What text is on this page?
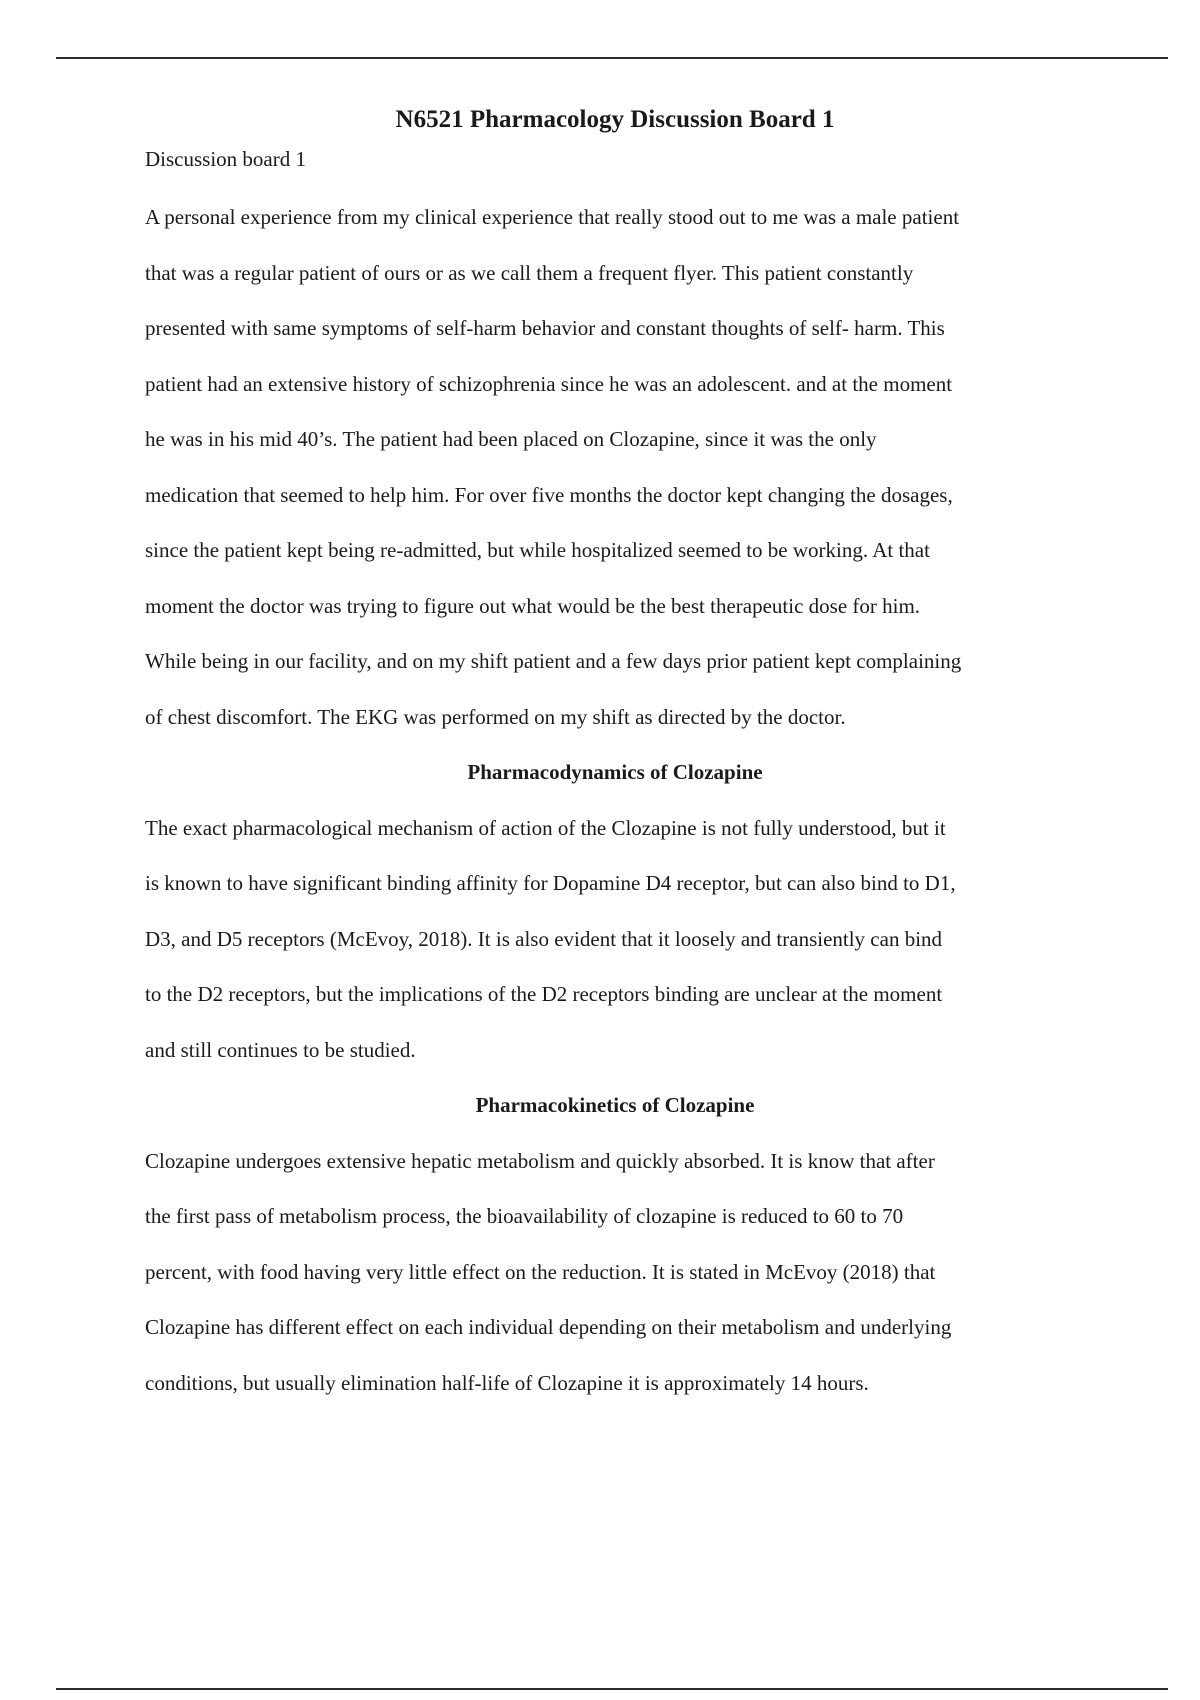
N6521 Pharmacology Discussion Board 1

Discussion board 1

A personal experience from my clinical experience that really stood out to me was a male patient
that was a regular patient of ours or as we call them a frequent flyer. This patient constantly
presented with same symptoms of self-harm behavior and constant thoughts of self- harm. This
patient had an extensive history of schizophrenia since he was an adolescent. and at the moment
he was in his mid 40’s. The patient had been placed on Clozapine, since it was the only
medication that seemed to help him. For over five months the doctor kept changing the dosages,
since the patient kept being re-admitted, but while hospitalized seemed to be working. At that
moment the doctor was trying to figure out what would be the best therapeutic dose for him.
While being in our facility, and on my shift patient and a few days prior patient kept complaining
of chest discomfort. The EKG was performed on my shift as directed by the doctor.

Pharmacodynamics of Clozapine

The exact pharmacological mechanism of action of the Clozapine is not fully understood, but it
is known to have significant binding affinity for Dopamine D4 receptor, but can also bind to D1,
D3, and D5 receptors (McEvoy, 2018). It is also evident that it loosely and transiently can bind
to the D2 receptors, but the implications of the D2 receptors binding are unclear at the moment
and still continues to be studied.

Pharmacokinetics of Clozapine

Clozapine undergoes extensive hepatic metabolism and quickly absorbed. It is know that after
the first pass of metabolism process, the bioavailability of clozapine is reduced to 60 to 70
percent, with food having very little effect on the reduction. It is stated in McEvoy (2018) that
Clozapine has different effect on each individual depending on their metabolism and underlying
conditions, but usually elimination half-life of Clozapine it is approximately 14 hours.
